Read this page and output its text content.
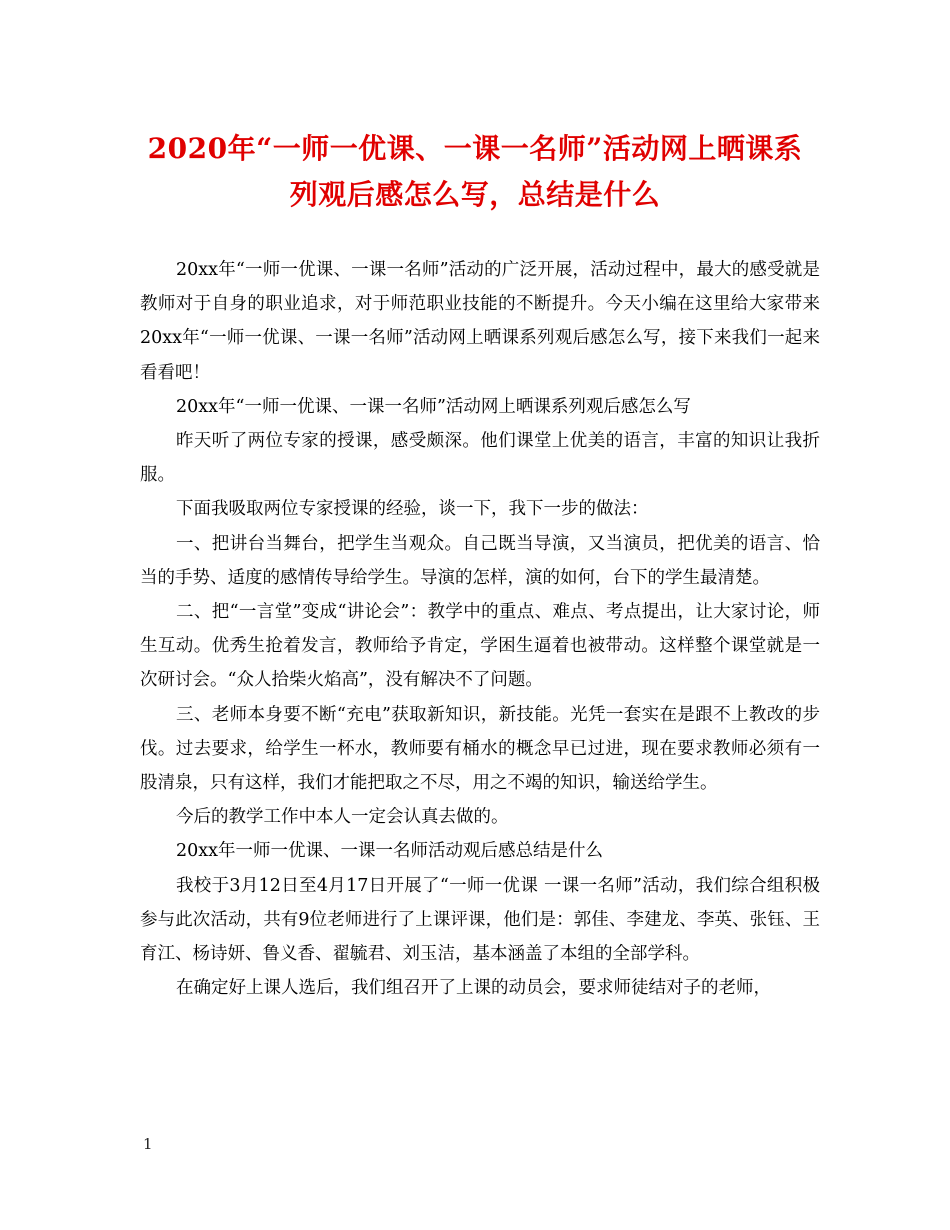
2020年“一师一优课、一课一名师”活动网上晒课系
列观后感怎么写，总结是什么

20xx年“一师一优课、一课一名师”活动的广泛开展，活动过程中，最大的感受就是教师对于自身的职业追求，对于师范职业技能的不断提升。今天小编在这里给大家带来20xx年“一师一优课、一课一名师”活动网上晒课系列观后感怎么写，接下来我们一起来看看吧！

20xx年“一师一优课、一课一名师”活动网上晒课系列观后感怎么写

昨天听了两位专家的授课，感受颇深。他们课堂上优美的语言，丰富的知识让我折服。

下面我吸取两位专家授课的经验，谈一下，我下一步的做法：

一、把讲台当舞台，把学生当观众。自己既当导演，又当演员，把优美的语言、恰当的手势、适度的感情传导给学生。导演的怎样，演的如何，台下的学生最清楚。

二、把“一言堂”变成“讲论会”：教学中的重点、难点、考点提出，让大家讨论，师生互动。优秀生抢着发言，教师给予肯定，学困生逼着也被带动。这样整个课堂就是一次研讨会。“众人拾柴火焰高”，没有解决不了问题。

三、老师本身要不断“充电”获取新知识，新技能。光凭一套实在是跟不上教改的步伐。过去要求，给学生一杯水，教师要有桶水的概念早已过进，现在要求教师必须有一股清泉，只有这样，我们才能把取之不尽，用之不竭的知识，输送给学生。

今后的教学工作中本人一定会认真去做的。

20xx年一师一优课、一课一名师活动观后感总结是什么

我校于3月12日至4月17日开展了“一师一优课 一课一名师”活动，我们综合组积极参与此次活动，共有9位老师进行了上课评课，他们是：郭佳、李建龙、李英、张钰、王育江、杨诗妍、鲁义香、翟毓君、刘玉洁，基本涵盖了本组的全部学科。

在确定好上课人选后，我们组召开了上课的动员会，要求师徒结对子的老师，

1
